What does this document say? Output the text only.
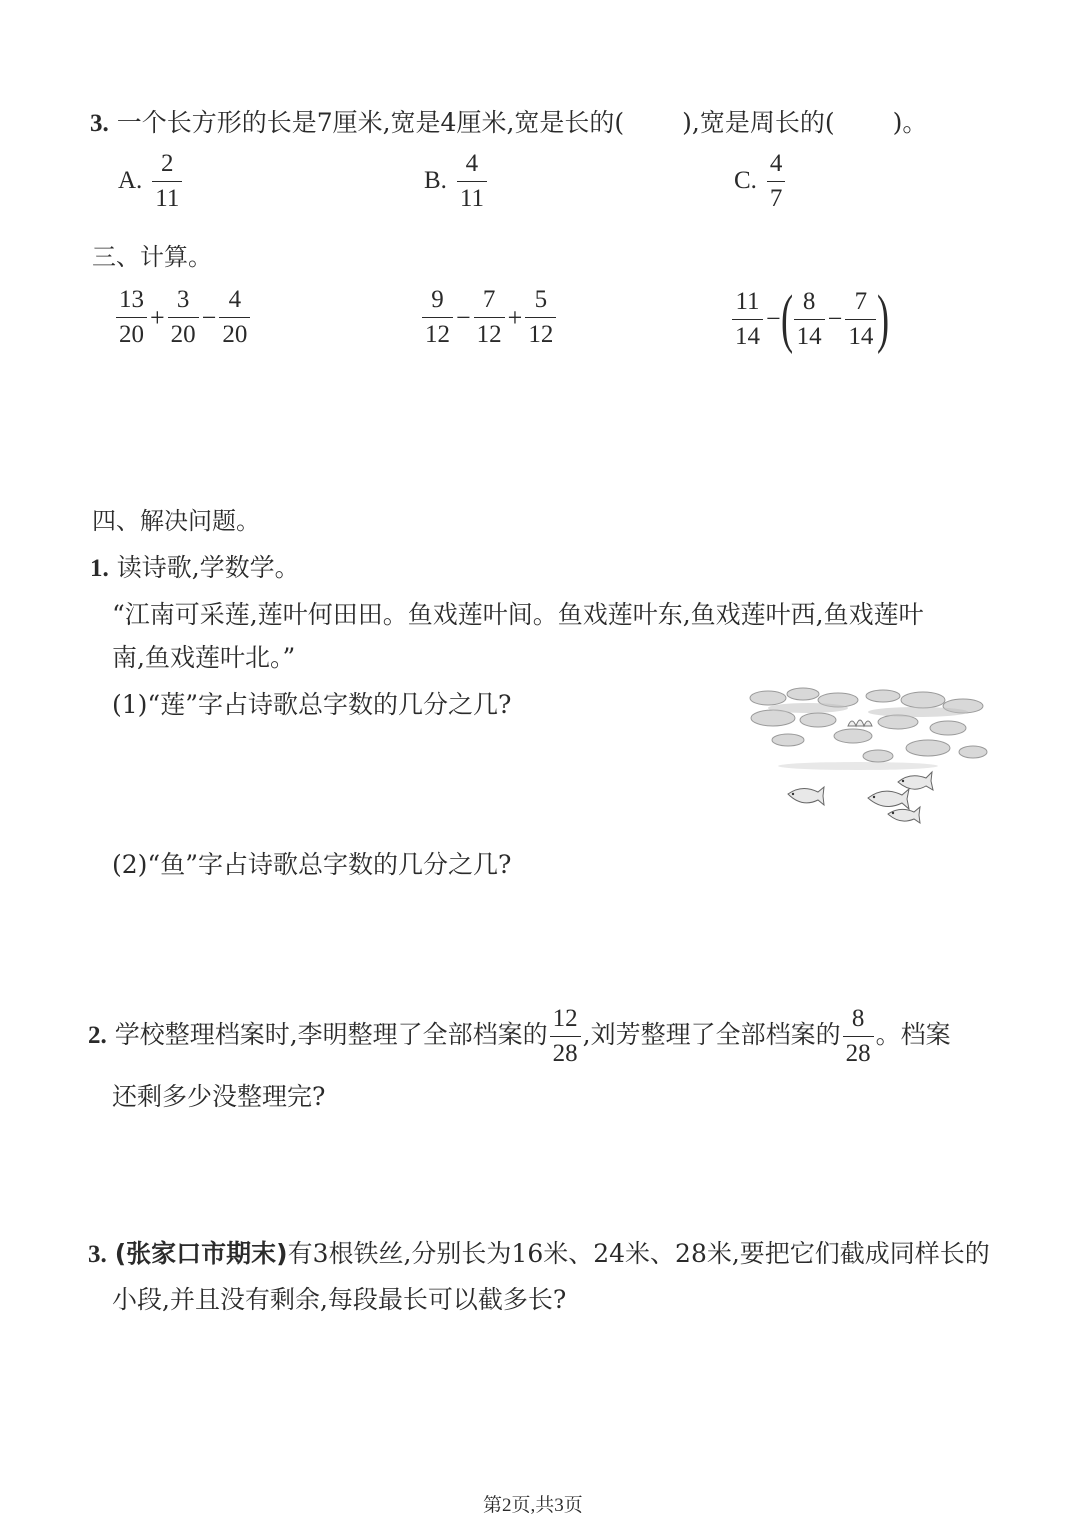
3. 一个长方形的长是7厘米,宽是4厘米,宽是长的( ),宽是周长的( )。
A. $\frac{2}{11}$	B. $\frac{4}{11}$	C. $\frac{4}{7}$
三、计算。
$\frac{13}{20} + \frac{3}{20} - \frac{4}{20}$	$\frac{9}{12} - \frac{7}{12} + \frac{5}{12}$	$\frac{11}{14}$ −( $\frac{8}{14} - \frac{7}{14}$ )
四、解决问题。
1. 读诗歌,学数学。
“江南可采莲,莲叶何田田。鱼戏莲叶间。鱼戏莲叶东,鱼戏莲叶西,鱼戏莲叶
南,鱼戏莲叶北。”
(1)“莲”字占诗歌总字数的几分之几?
(2)“鱼”字占诗歌总字数的几分之几?
2. 学校整理档案时,李明整理了全部档案的 $\frac{12}{28}$ ,刘芳整理了全部档案的 $\frac{8}{28}$ 。档案
还剩多少没整理完?
3. (张家口市期末)有3根铁丝,分别长为16米、24米、28米,要把它们截成同样长的
小段,并且没有剩余,每段最长可以截多长?
第2页,共3页
